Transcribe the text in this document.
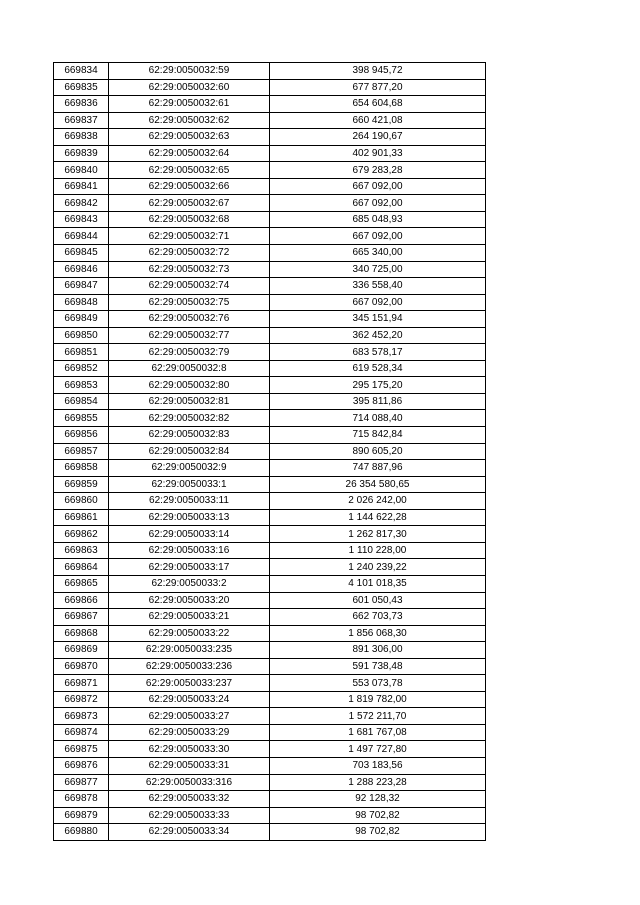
669834	62:29:0050032:59	398 945,72
669835	62:29:0050032:60	677 877,20
669836	62:29:0050032:61	654 604,68
669837	62:29:0050032:62	660 421,08
669838	62:29:0050032:63	264 190,67
669839	62:29:0050032:64	402 901,33
669840	62:29:0050032:65	679 283,28
669841	62:29:0050032:66	667 092,00
669842	62:29:0050032:67	667 092,00
669843	62:29:0050032:68	685 048,93
669844	62:29:0050032:71	667 092,00
669845	62:29:0050032:72	665 340,00
669846	62:29:0050032:73	340 725,00
669847	62:29:0050032:74	336 558,40
669848	62:29:0050032:75	667 092,00
669849	62:29:0050032:76	345 151,94
669850	62:29:0050032:77	362 452,20
669851	62:29:0050032:79	683 578,17
669852	62:29:0050032:8	619 528,34
669853	62:29:0050032:80	295 175,20
669854	62:29:0050032:81	395 811,86
669855	62:29:0050032:82	714 088,40
669856	62:29:0050032:83	715 842,84
669857	62:29:0050032:84	890 605,20
669858	62:29:0050032:9	747 887,96
669859	62:29:0050033:1	26 354 580,65
669860	62:29:0050033:11	2 026 242,00
669861	62:29:0050033:13	1 144 622,28
669862	62:29:0050033:14	1 262 817,30
669863	62:29:0050033:16	1 110 228,00
669864	62:29:0050033:17	1 240 239,22
669865	62:29:0050033:2	4 101 018,35
669866	62:29:0050033:20	601 050,43
669867	62:29:0050033:21	662 703,73
669868	62:29:0050033:22	1 856 068,30
669869	62:29:0050033:235	891 306,00
669870	62:29:0050033:236	591 738,48
669871	62:29:0050033:237	553 073,78
669872	62:29:0050033:24	1 819 782,00
669873	62:29:0050033:27	1 572 211,70
669874	62:29:0050033:29	1 681 767,08
669875	62:29:0050033:30	1 497 727,80
669876	62:29:0050033:31	703 183,56
669877	62:29:0050033:316	1 288 223,28
669878	62:29:0050033:32	92 128,32
669879	62:29:0050033:33	98 702,82
669880	62:29:0050033:34	98 702,82
